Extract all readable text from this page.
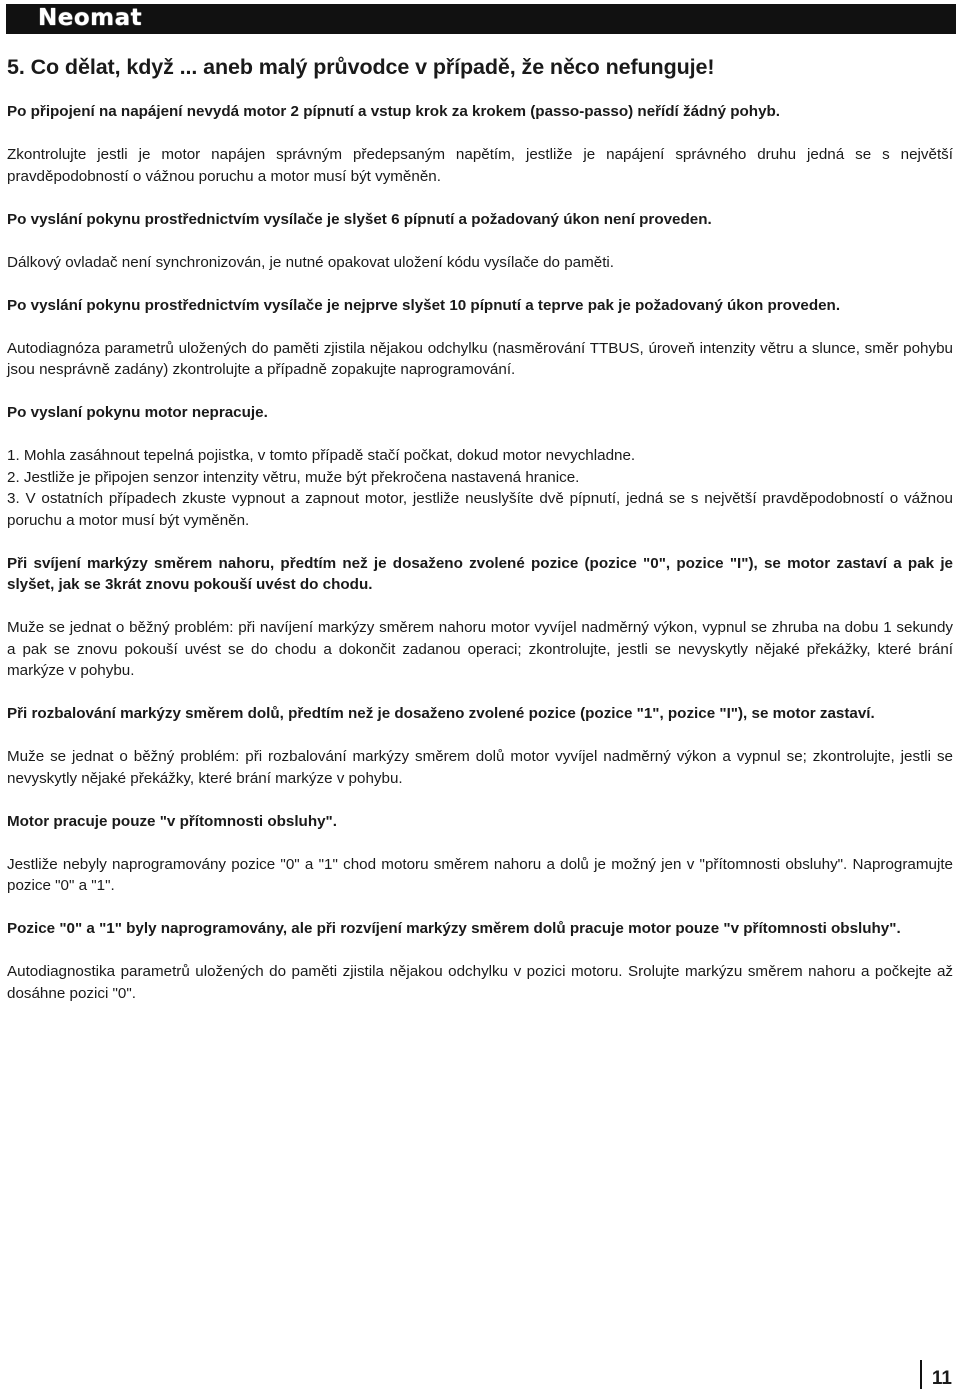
Neomat
5. Co dělat, když ... aneb malý průvodce v případě, že něco nefunguje!

Po připojení na napájení nevydá motor 2 pípnutí a vstup krok za krokem (passo-passo) neřídí žádný pohyb.

Zkontrolujte jestli je motor napájen správným předepsaným napětím, jestliže je napájení správného druhu jedná se s největší pravděpodobností o vážnou poruchu a motor musí být vyměněn.

Po vyslání pokynu prostřednictvím vysílače je slyšet 6 pípnutí a požadovaný úkon není proveden.

Dálkový ovladač není synchronizován, je nutné opakovat uložení kódu vysílače do paměti.

Po vyslání pokynu prostřednictvím vysílače je nejprve slyšet 10 pípnutí a teprve pak je požadovaný úkon proveden.

Autodiagnóza parametrů uložených do paměti zjistila nějakou odchylku (nasměrování TTBUS, úroveň intenzity větru a slunce, směr pohybu jsou nesprávně zadány) zkontrolujte a případně zopakujte naprogramování.

Po vyslaní pokynu motor nepracuje.

1. Mohla zasáhnout tepelná pojistka, v tomto případě stačí počkat, dokud motor nevychladne.
2. Jestliže je připojen senzor intenzity větru, muže být překročena nastavená hranice.
3. V ostatních případech zkuste vypnout a zapnout motor, jestliže neuslyšíte dvě pípnutí, jedná se s největší pravděpodobností o vážnou poruchu a motor musí být vyměněn.

Při svíjení markýzy směrem nahoru, předtím než je dosaženo zvolené pozice (pozice "0", pozice "I"), se motor zastaví a pak je slyšet, jak se 3krát znovu pokouší uvést do chodu.

Muže se jednat o běžný problém: při navíjení markýzy směrem nahoru motor vyvíjel nadměrný výkon, vypnul se zhruba na dobu 1 sekundy a pak se znovu pokouší uvést se do chodu a dokončit zadanou operaci; zkontrolujte, jestli se nevyskytly nějaké překážky, které brání markýze v pohybu.

Při rozbalování markýzy směrem dolů, předtím než je dosaženo zvolené pozice (pozice "1", pozice "I"), se motor zastaví.

Muže se jednat o běžný problém: při rozbalování markýzy směrem dolů motor vyvíjel nadměrný výkon a vypnul se; zkontrolujte, jestli se nevyskytly nějaké překážky, které brání markýze v pohybu.

Motor pracuje pouze "v přítomnosti obsluhy".

Jestliže nebyly naprogramovány pozice "0" a "1" chod motoru směrem nahoru a dolů je možný jen v "přítomnosti obsluhy". Naprogramujte pozice "0" a "1".

Pozice "0" a "1" byly naprogramovány, ale při rozvíjení markýzy směrem dolů pracuje motor pouze "v přítomnosti obsluhy".

Autodiagnostika parametrů uložených do paměti zjistila nějakou odchylku v pozici motoru. Srolujte markýzu směrem nahoru a počkejte až dosáhne pozici "0".

11
